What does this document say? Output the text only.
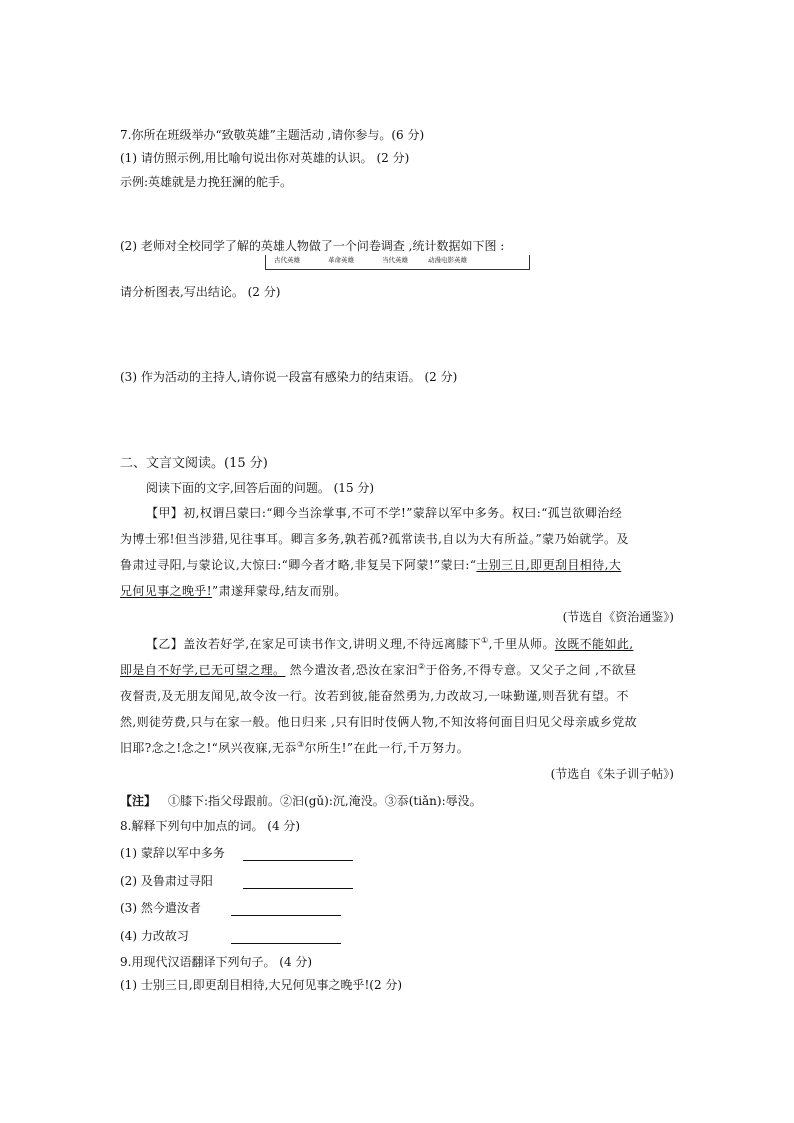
7.你所在班级举办“致敬英雄”主题活动 ,请你参与。(6 分)
(1) 请仿照示例,用比喻句说出你对英雄的认识。 (2 分)
示例:英雄就是力挽狂澜的舵手。
(2) 老师对全校同学了解的英雄人物做了一个问卷调查 ,统计数据如下图 :
古代英雄	革命英雄	当代英雄	动漫电影英雄
请分析图表,写出结论。 (2 分)
(3) 作为活动的主持人,请你说一段富有感染力的结束语。 (2 分)
二、文言文阅读。(15 分)
阅读下面的文字,回答后面的问题。 (15 分)
【甲】初,权谓吕蒙曰:“卿今当涂掌事,不可不学!”蒙辞以军中多务。权曰:“孤岂欲卿治经
为博士邪!但当涉猎,见往事耳。卿言多务,孰若孤?孤常读书,自以为大有所益。”蒙乃始就学。及
鲁肃过寻阳,与蒙论议,大惊曰:“卿今者才略,非复吴下阿蒙!”蒙曰:“士别三日,即更刮目相待,大
兄何见事之晚乎!”肃遂拜蒙母,结友而别。
(节选自《资治通鉴》)
【乙】盖汝若好学,在家足可读书作文,讲明义理,不待远离膝下①,千里从师。汝既不能如此,
即是自不好学,已无可望之理。 然今遣汝者,恐汝在家汩②于俗务,不得专意。又父子之间 ,不欲昼
夜督责,及无朋友闻见,故令汝一行。汝若到彼,能奋然勇为,力改故习,一味勤谨,则吾犹有望。不
然,则徒劳费,只与在家一般。他日归来 ,只有旧时伎俩人物,不知汝将何面目归见父母亲戚乡党故
旧耶?念之!念之!“夙兴夜寐,无忝③尔所生!”在此一行,千万努力。
(节选自《朱子训子帖》)
【注】 ①膝下:指父母跟前。②汩(gǔ):沉,淹没。③忝(tiǎn):辱没。
8.解释下列句中加点的词。 (4 分)
(1) 蒙辞以军中多务
(2) 及鲁肃过寻阳
(3) 然今遣汝者
(4) 力改故习
9.用现代汉语翻译下列句子。 (4 分)
(1) 士别三日,即更刮目相待,大兄何见事之晚乎!(2 分)
